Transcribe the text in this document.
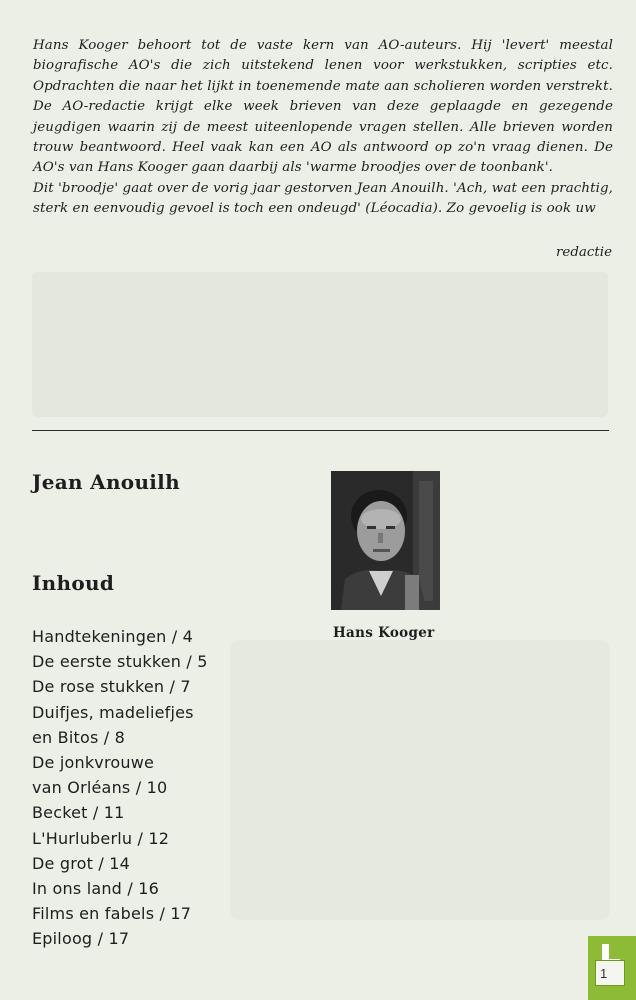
Hans Kooger behoort tot de vaste kern van AO-auteurs. Hij 'levert' meestal biografische AO's die zich uitstekend lenen voor werkstukken, scripties etc. Opdrachten die naar het lijkt in toenemende mate aan scholieren worden verstrekt. De AO-redactie krijgt elke week brieven van deze geplaagde en gezegende jeugdigen waarin zij de meest uiteenlopende vragen stellen. Alle brieven worden trouw beantwoord. Heel vaak kan een AO als antwoord op zo'n vraag dienen. De AO's van Hans Kooger gaan daarbij als 'warme broodjes over de toonbank'.

Dit 'broodje' gaat over de vorig jaar gestorven Jean Anouilh. 'Ach, wat een prachtig, sterk en eenvoudig gevoel is toch een ondeugd' (Léocadia). Zo gevoelig is ook uw

redactie
Jean Anouilh
Inhoud
Handtekeningen / 4
De eerste stukken / 5
De rose stukken / 7
Duifjes, madeliefjes
en Bitos / 8
De jonkvrouwe
van Orléans / 10
Becket / 11
L'Hurluberlu / 12
De grot / 14
In ons land / 16
Films en fabels / 17
Epiloog / 17
Hans Kooger
1
